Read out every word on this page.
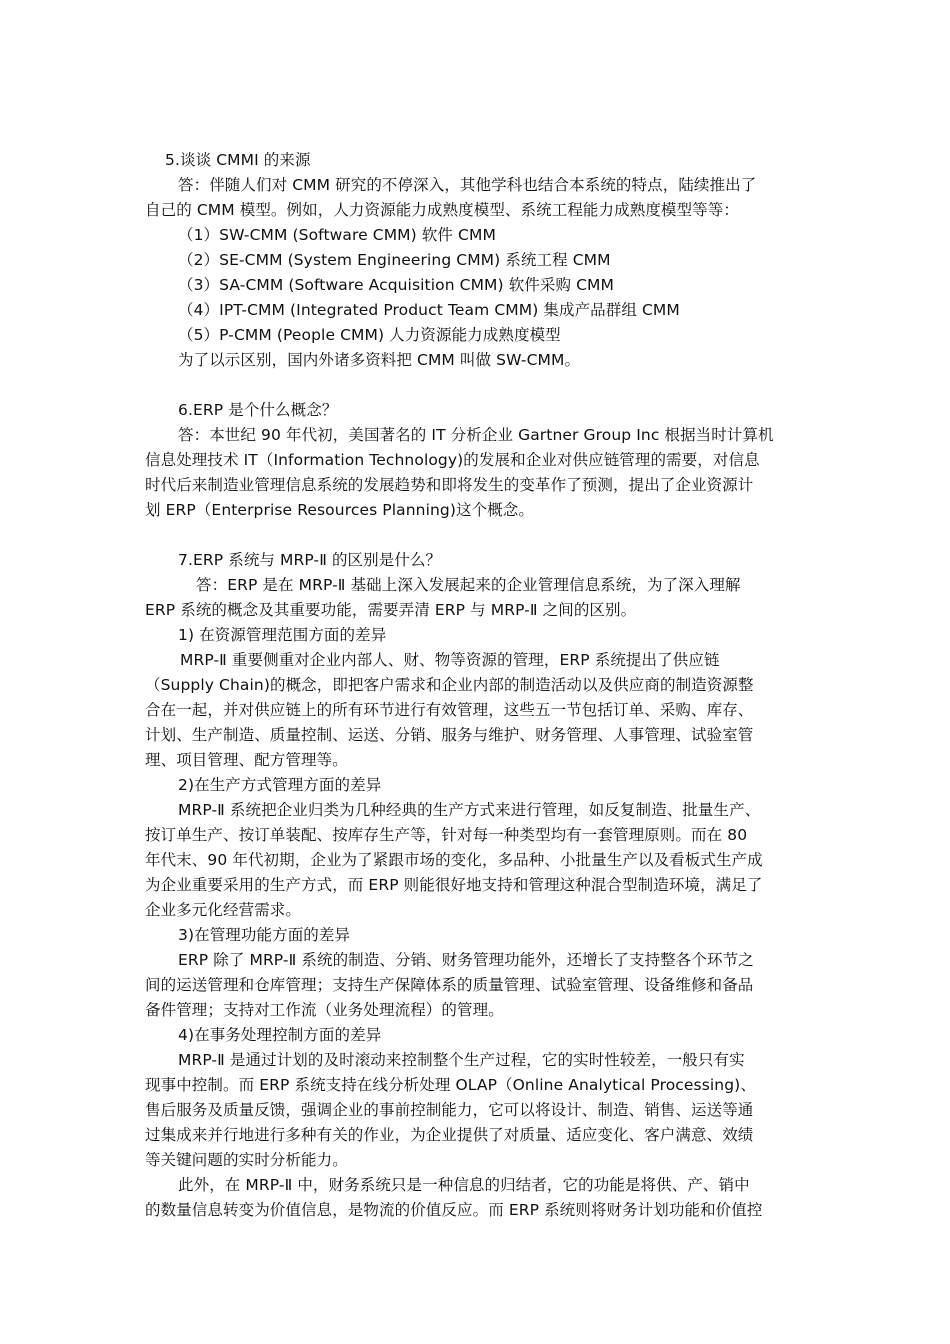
5.谈谈 CMMI 的来源
答：伴随人们对 CMM 研究的不停深入，其他学科也结合本系统的特点，陆续推出了
自己的 CMM 模型。例如，人力资源能力成熟度模型、系统工程能力成熟度模型等等：
（1）SW-CMM (Software CMM) 软件 CMM
（2）SE-CMM (System Engineering CMM) 系统工程 CMM
（3）SA-CMM (Software Acquisition CMM) 软件采购 CMM
（4）IPT-CMM (Integrated Product Team CMM) 集成产品群组 CMM
（5）P-CMM (People CMM) 人力资源能力成熟度模型
为了以示区别，国内外诸多资料把 CMM 叫做 SW-CMM。
6.ERP 是个什么概念？
答：本世纪 90 年代初，美国著名的 IT 分析企业 Gartner Group Inc 根据当时计算机
信息处理技术 IT（Information Technology)的发展和企业对供应链管理的需要，对信息
时代后来制造业管理信息系统的发展趋势和即将发生的变革作了预测，提出了企业资源计
划 ERP（Enterprise Resources Planning)这个概念。
7.ERP 系统与 MRP-Ⅱ 的区别是什么？
答：ERP 是在 MRP-Ⅱ 基础上深入发展起来的企业管理信息系统，为了深入理解
ERP 系统的概念及其重要功能，需要弄清 ERP 与 MRP-Ⅱ 之间的区别。
1) 在资源管理范围方面的差异
MRP-Ⅱ 重要侧重对企业内部人、财、物等资源的管理，ERP 系统提出了供应链
（Supply Chain)的概念，即把客户需求和企业内部的制造活动以及供应商的制造资源整
合在一起，并对供应链上的所有环节进行有效管理，这些五一节包括订单、采购、库存、
计划、生产制造、质量控制、运送、分销、服务与维护、财务管理、人事管理、试验室管
理、项目管理、配方管理等。
2)在生产方式管理方面的差异
MRP-Ⅱ 系统把企业归类为几种经典的生产方式来进行管理，如反复制造、批量生产、
按订单生产、按订单装配、按库存生产等，针对每一种类型均有一套管理原则。而在 80
年代末、90 年代初期，企业为了紧跟市场的变化，多品种、小批量生产以及看板式生产成
为企业重要采用的生产方式，而 ERP 则能很好地支持和管理这种混合型制造环境，满足了
企业多元化经营需求。
3)在管理功能方面的差异
ERP 除了 MRP-Ⅱ 系统的制造、分销、财务管理功能外，还增长了支持整各个环节之
间的运送管理和仓库管理；支持生产保障体系的质量管理、试验室管理、设备维修和备品
备件管理；支持对工作流（业务处理流程）的管理。
4)在事务处理控制方面的差异
MRP-Ⅱ 是通过计划的及时滚动来控制整个生产过程，它的实时性较差，一般只有实
现事中控制。而 ERP 系统支持在线分析处理 OLAP（Online Analytical Processing)、
售后服务及质量反馈，强调企业的事前控制能力，它可以将设计、制造、销售、运送等通
过集成来并行地进行多种有关的作业，为企业提供了对质量、适应变化、客户满意、效绩
等关键问题的实时分析能力。
此外，在 MRP-Ⅱ 中，财务系统只是一种信息的归结者，它的功能是将供、产、销中
的数量信息转变为价值信息，是物流的价值反应。而 ERP 系统则将财务计划功能和价值控
